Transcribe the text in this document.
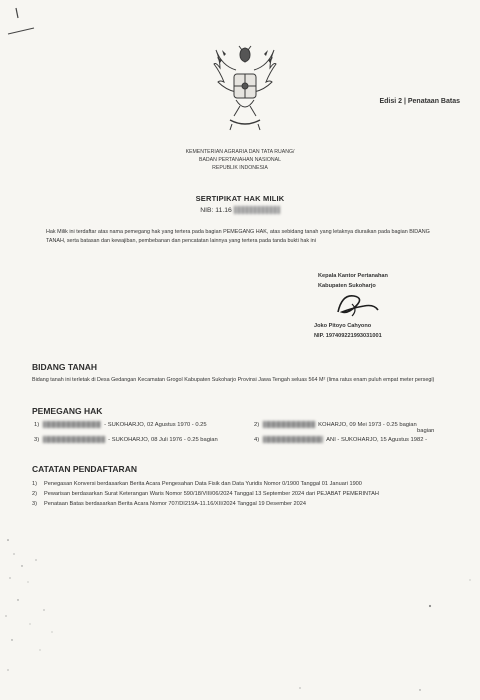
Edisi 2 | Penataan Batas
KEMENTERIAN AGRARIA DAN TATA RUANG/
BADAN PERTANAHAN NASIONAL
REPUBLIK INDONESIA
SERTIPIKAT HAK MILIK
NIB: 11.16
Hak Milik ini terdaftar atas nama pemegang hak yang tertera pada bagian PEMEGANG HAK, atas sebidang tanah yang letaknya diuraikan pada bagian BIDANG TANAH, serta batasan dan kewajiban, pembebanan dan pencatatan lainnya yang tertera pada tanda bukti hak ini
Kepala Kantor Pertanahan
Kabupaten Sukoharjo
Joko Pitoyo Cahyono
NIP. 197409221993031001
BIDANG TANAH
Bidang tanah ini terletak di Desa Gedangan Kecamatan Grogol Kabupaten Sukoharjo Provinsi Jawa Tengah seluas 564 M² (lima ratus enam puluh empat meter persegi)
PEMEGANG HAK
1)	- SUKOHARJO, 02 Agustus 1970 - 0.25	2)	KOHARJO, 09 Mei 1973 - 0.25 bagian
bagian
3)	- SUKOHARJO, 08 Juli 1976 - 0.25 bagian	4)	ANI - SUKOHARJO, 15 Agustus 1982 -
CATATAN PENDAFTARAN
1) Penegasan Konversi berdasarkan Berita Acara Pengesahan Data Fisik dan Data Yuridis Nomor 0/1900 Tanggal 01 Januari 1900
2) Pewarisan berdasarkan Surat Keterangan Waris Nomor 590/18/VIII/06/2024 Tanggal 13 September 2024 dari PEJABAT PEMERINTAH
3) Penataan Batas berdasarkan Berita Acara Nomor 707/DI219A-11.16/XII/2024 Tanggal 19 Desember 2024
